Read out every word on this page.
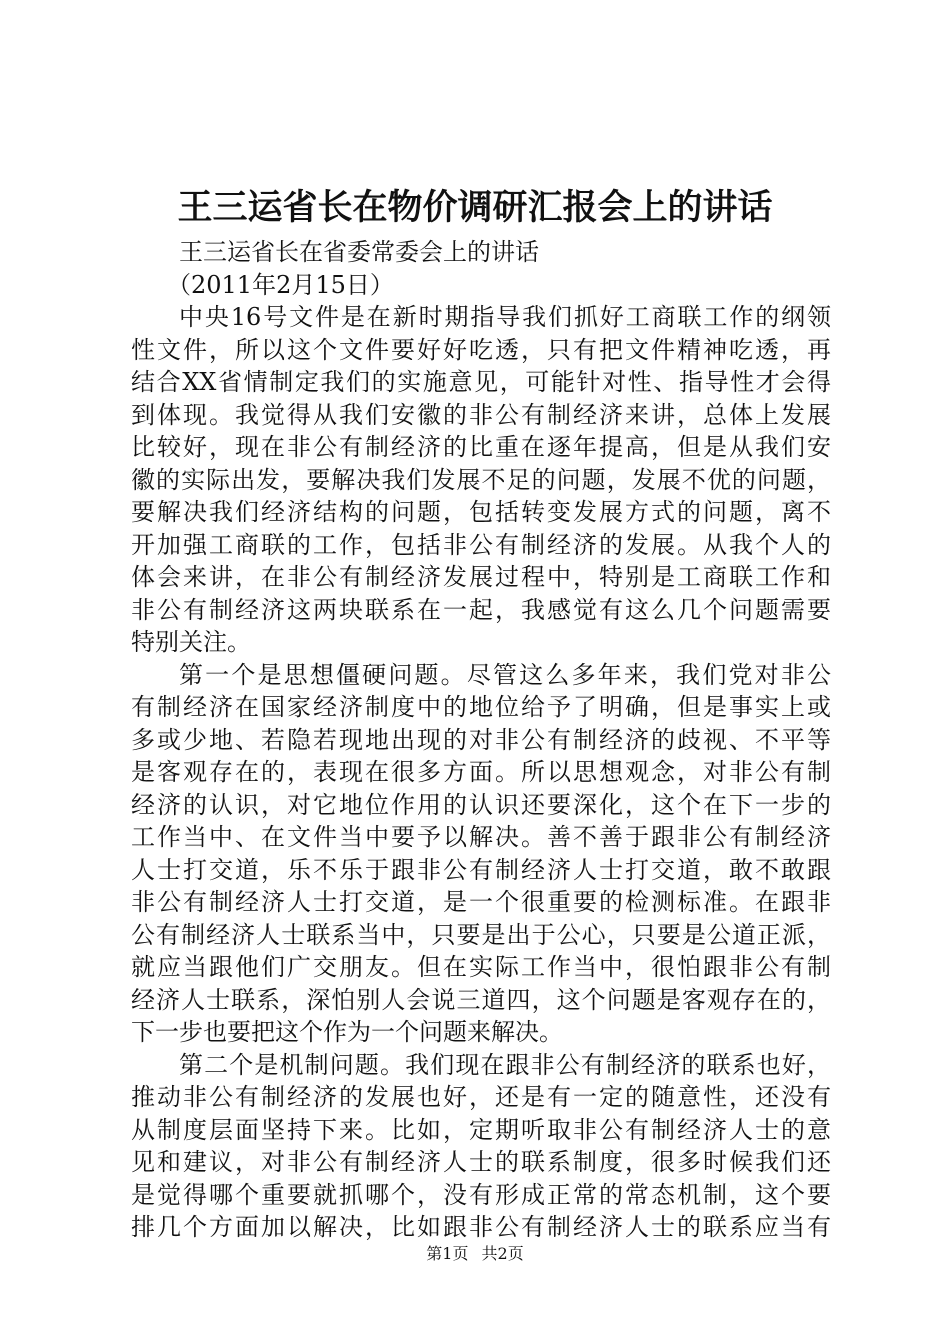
王三运省长在物价调研汇报会上的讲话
王三运省长在省委常委会上的讲话
（2011年2月15日）
中央16号文件是在新时期指导我们抓好工商联工作的纲领
性文件，所以这个文件要好好吃透，只有把文件精神吃透，再
结合XX省情制定我们的实施意见，可能针对性、指导性才会得
到体现。我觉得从我们安徽的非公有制经济来讲，总体上发展
比较好，现在非公有制经济的比重在逐年提高，但是从我们安
徽的实际出发，要解决我们发展不足的问题，发展不优的问题，
要解决我们经济结构的问题，包括转变发展方式的问题，离不
开加强工商联的工作，包括非公有制经济的发展。从我个人的
体会来讲，在非公有制经济发展过程中，特别是工商联工作和
非公有制经济这两块联系在一起，我感觉有这么几个问题需要
特别关注。
第一个是思想僵硬问题。尽管这么多年来，我们党对非公
有制经济在国家经济制度中的地位给予了明确，但是事实上或
多或少地、若隐若现地出现的对非公有制经济的歧视、不平等
是客观存在的，表现在很多方面。所以思想观念，对非公有制
经济的认识，对它地位作用的认识还要深化，这个在下一步的
工作当中、在文件当中要予以解决。善不善于跟非公有制经济
人士打交道，乐不乐于跟非公有制经济人士打交道，敢不敢跟
非公有制经济人士打交道，是一个很重要的检测标准。在跟非
公有制经济人士联系当中，只要是出于公心，只要是公道正派，
就应当跟他们广交朋友。但在实际工作当中，很怕跟非公有制
经济人士联系，深怕别人会说三道四，这个问题是客观存在的，
下一步也要把这个作为一个问题来解决。
第二个是机制问题。我们现在跟非公有制经济的联系也好，
推动非公有制经济的发展也好，还是有一定的随意性，还没有
从制度层面坚持下来。比如，定期听取非公有制经济人士的意
见和建议，对非公有制经济人士的联系制度，很多时候我们还
是觉得哪个重要就抓哪个，没有形成正常的常态机制，这个要
排几个方面加以解决，比如跟非公有制经济人士的联系应当有
第1页 共2页
